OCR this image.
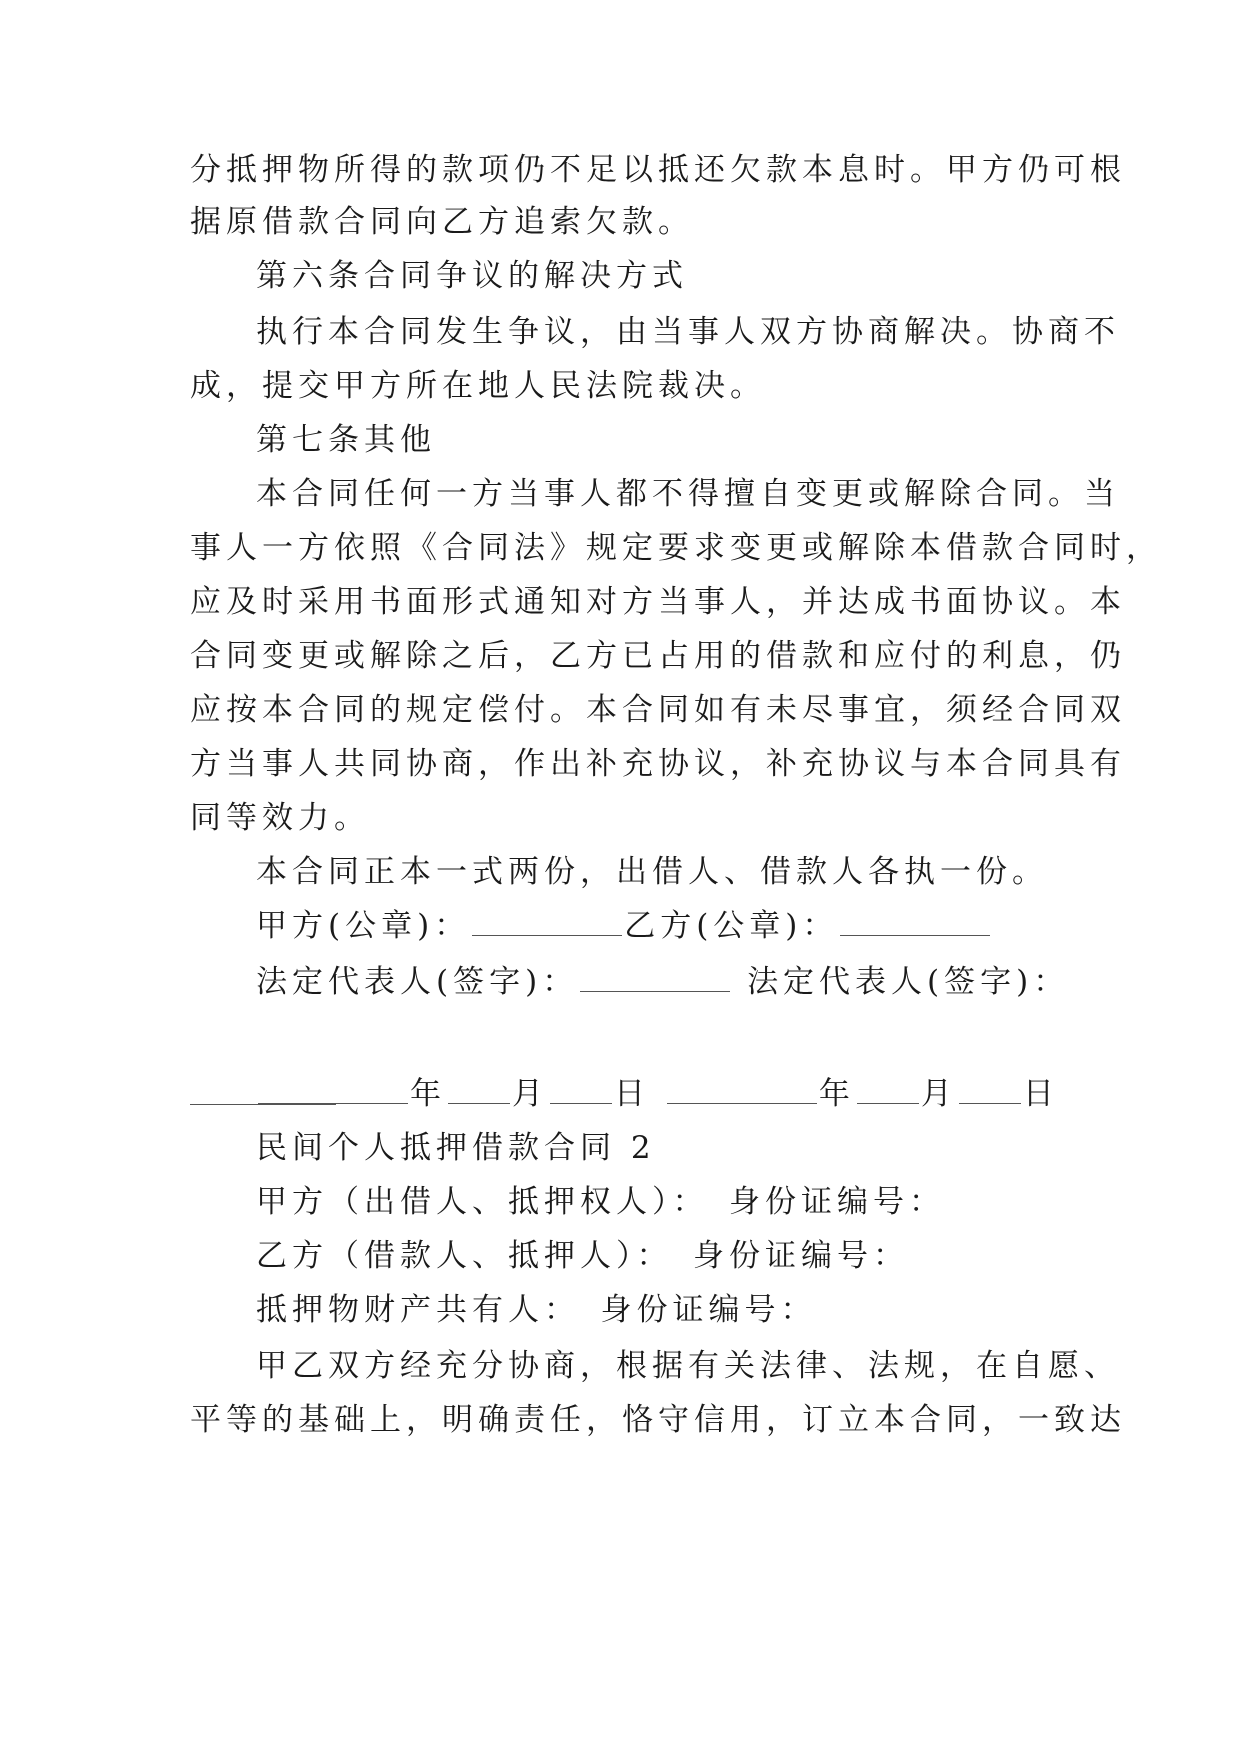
分抵押物所得的款项仍不足以抵还欠款本息时。甲方仍可根
据原借款合同向乙方追索欠款。
第六条合同争议的解决方式
执行本合同发生争议，由当事人双方协商解决。协商不
成，提交甲方所在地人民法院裁决。
第七条其他
本合同任何一方当事人都不得擅自变更或解除合同。当
事人一方依照《合同法》规定要求变更或解除本借款合同时，
应及时采用书面形式通知对方当事人，并达成书面协议。本
合同变更或解除之后，乙方已占用的借款和应付的利息，仍
应按本合同的规定偿付。本合同如有未尽事宜，须经合同双
方当事人共同协商，作出补充协议，补充协议与本合同具有
同等效力。
本合同正本一式两份，出借人、借款人各执一份。
甲方(公章)：	乙方(公章)：
法定代表人(签字)：	法定代表人(签字)：
年 月 日	年 月 日
民间个人抵押借款合同 2
甲方（出借人、抵押权人）：　身份证编号：
乙方（借款人、抵押人）：　身份证编号：
抵押物财产共有人：　身份证编号：
甲乙双方经充分协商，根据有关法律、法规，在自愿、
平等的基础上，明确责任，恪守信用，订立本合同，一致达
